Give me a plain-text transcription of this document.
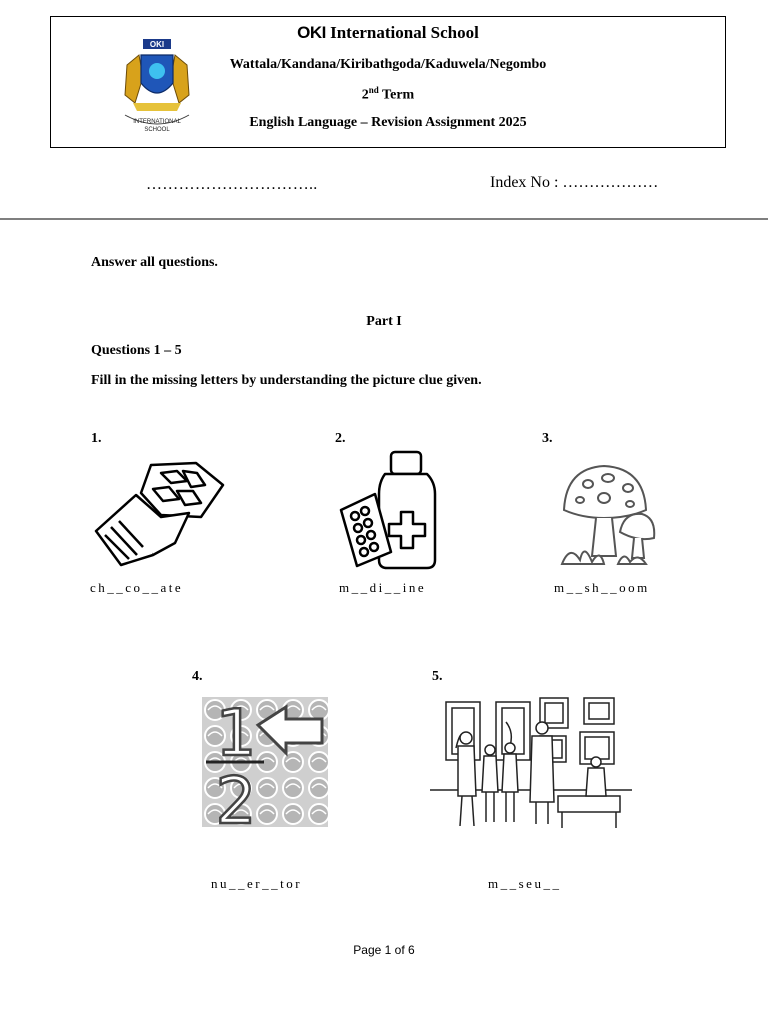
OKI
INTERNATIONAL
SCHOOL
OKI International School
Wattala/Kandana/Kiribathgoda/Kaduwela/Negombo
2nd Term
English Language – Revision Assignment 2025
…………………………..	Index No : ………………
Answer all questions.
Part I
Questions 1 – 5
Fill in the missing letters by understanding the picture clue given.
1.
ch__co__ate
2.
m__di__ine
3.
m__sh__oom
4.
1
2
nu__er__tor
5.
m__seu__
Page 1 of 6
